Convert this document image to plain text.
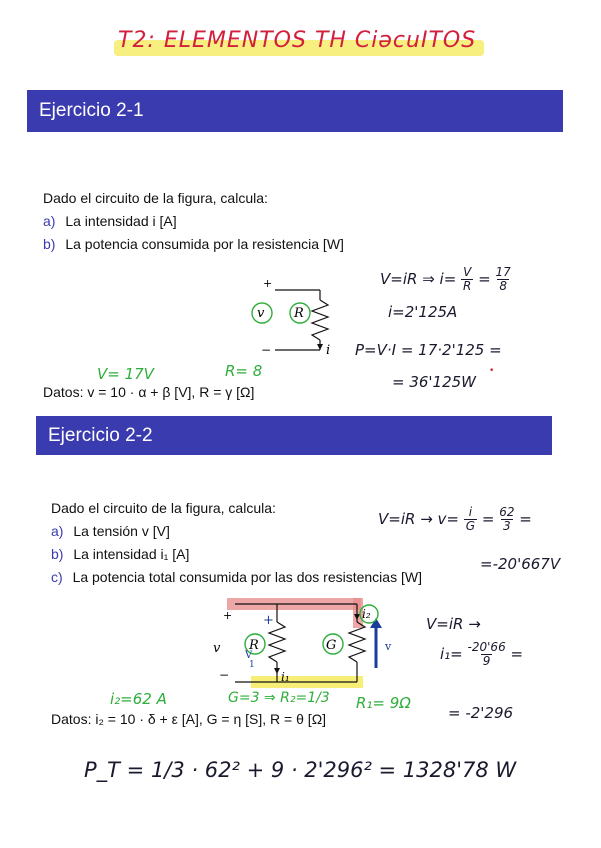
T2: ELEMENTOS TH CiəcuITOS
Ejercicio 2-1
Dado el circuito de la figura, calcula:
a) La intensidad i [A]
b) La potencia consumida por la resistencia [W]
Datos: v = 10 · α + β [V], R = γ [Ω]
+
−	i
v R
V= 17V	R= 8
V=iR ⇒ $i= \frac{V}{R} = \frac{17}{8}$
i=2'125A
P=V·I = 17·2'125 =
= 36'125W
•
Ejercicio 2-2
Dado el circuito de la figura, calcula:
a) La tensión v [V]
b) La intensidad i₁ [A]
c) La potencia total consumida por las dos resistencias [W]
Datos: i₂ = 10 · δ + ε [A], G = η [S], R = θ [Ω]
+
−
v R	G
i₁
i₂
+
V
1
-
v
$V=iR \to v= \frac{i}{G} = \frac{62}{3}$ =
=-20'667V
V=iR →
$i_1= \frac{-20'66}{9}$ =
= -2'296
i₂=62 A	G=3 ⇒ R₂=1/3 R₁= 9Ω
P_T = 1/3 · 62² + 9 · 2'296² = 1328'78 W
